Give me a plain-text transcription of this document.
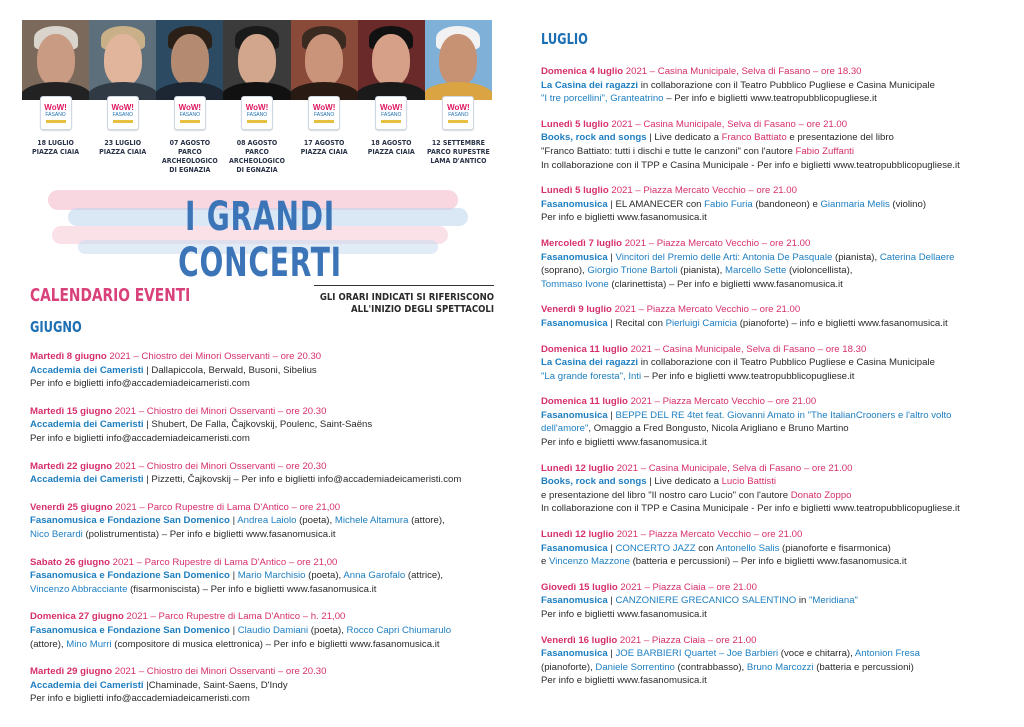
WoW!
FASANO
WoW!
FASANO
WoW!
FASANO
WoW!
FASANO
WoW!
FASANO
WoW!
FASANO
WoW!
FASANO
18 LUGLIO
PIAZZA CIAIA
23 LUGLIO
PIAZZA CIAIA
07 AGOSTO
PARCO ARCHEOLOGICO
DI EGNAZIA
08 AGOSTO
PARCO ARCHEOLOGICO
DI EGNAZIA
17 AGOSTO
PIAZZA CIAIA
18 AGOSTO
PIAZZA CIAIA
12 SETTEMBRE
PARCO RUPESTRE
LAMA D'ANTICO
I GRANDI CONCERTI
CALENDARIO EVENTI	GLI ORARI INDICATI SI RIFERISCONO
ALL'INIZIO DEGLI SPETTACOLI
GIUGNO
Martedì 8 giugno 2021 – Chiostro dei Minori Osservanti – ore 20.30
Accademia dei Cameristi | Dallapiccola, Berwald, Busoni, Sibelius
Per info e biglietti info@accademiadeicameristi.com
Martedì 15 giugno 2021 – Chiostro dei Minori Osservanti – ore 20.30
Accademia dei Cameristi | Shubert, De Falla, Čajkovskij, Poulenc, Saint-Saëns
Per info e biglietti info@accademiadeicameristi.com
Martedì 22 giugno 2021 – Chiostro dei Minori Osservanti – ore 20.30
Accademia dei Cameristi | Pizzetti, Čajkovskij – Per info e biglietti info@accademiadeicameristi.com
Venerdì 25 giugno 2021 – Parco Rupestre di Lama D'Antico – ore 21,00
Fasanomusica e Fondazione San Domenico | Andrea Laiolo (poeta), Michele Altamura (attore),
Nico Berardi (polistrumentista) – Per info e biglietti www.fasanomusica.it
Sabato 26 giugno 2021 – Parco Rupestre di Lama D'Antico – ore 21,00
Fasanomusica e Fondazione San Domenico | Mario Marchisio (poeta), Anna Garofalo (attrice),
Vincenzo Abbracciante (fisarmoniscista) – Per info e biglietti www.fasanomusica.it
Domenica 27 giugno 2021 – Parco Rupestre di Lama D'Antico – h. 21,00
Fasanomusica e Fondazione San Domenico | Claudio Damiani (poeta), Rocco Capri Chiumarulo
(attore), Mino Murri (compositore di musica elettronica) – Per info e biglietti www.fasanomusica.it
Martedì 29 giugno 2021 – Chiostro dei Minori Osservanti – ore 20.30
Accademia dei Cameristi |Chaminade, Saint-Saens, D'Indy
Per info e biglietti info@accademiadeicameristi.com
LUGLIO
Domenica 4 luglio 2021 – Casina Municipale, Selva di Fasano – ore 18.30
La Casina dei ragazzi in collaborazione con il Teatro Pubblico Pugliese e Casina Municipale
"I tre porcellini", Granteatrino – Per info e biglietti www.teatropubblicopugliese.it
Lunedì 5 luglio 2021 – Casina Municipale, Selva di Fasano – ore 21.00
Books, rock and songs | Live dedicato a Franco Battiato e presentazione del libro
"Franco Battiato: tutti i dischi e tutte le canzoni" con l'autore Fabio Zuffanti
In collaborazione con il TPP e Casina Municipale - Per info e biglietti www.teatropubblicopugliese.it
Lunedì 5 luglio 2021 – Piazza Mercato Vecchio – ore 21.00
Fasanomusica | EL AMANECER con Fabio Furia (bandoneon) e Gianmaria Melis (violino)
Per info e biglietti www.fasanomusica.it
Mercoledì 7 luglio 2021 – Piazza Mercato Vecchio – ore 21.00
Fasanomusica | Vincitori del Premio delle Arti: Antonia De Pasquale (pianista), Caterina Dellaere
(soprano), Giorgio Trione Bartoli (pianista), Marcello Sette (violoncellista),
Tommaso Ivone (clarinettista) – Per info e biglietti www.fasanomusica.it
Venerdì 9 luglio 2021 – Piazza Mercato Vecchio – ore 21.00
Fasanomusica | Recital con Pierluigi Camicia (pianoforte) – info e biglietti www.fasanomusica.it
Domenica 11 luglio 2021 – Casina Municipale, Selva di Fasano – ore 18.30
La Casina dei ragazzi in collaborazione con il Teatro Pubblico Pugliese e Casina Municipale
"La grande foresta", Inti – Per info e biglietti www.teatropubblicopugliese.it
Domenica 11 luglio 2021 – Piazza Mercato Vecchio – ore 21.00
Fasanomusica | BEPPE DEL RE 4tet feat. Giovanni Amato in "The ItalianCrooners e l'altro volto
dell'amore", Omaggio a Fred Bongusto, Nicola Arigliano e Bruno Martino
Per info e biglietti www.fasanomusica.it
Lunedì 12 luglio 2021 – Casina Municipale, Selva di Fasano – ore 21.00
Books, rock and songs | Live dedicato a Lucio Battisti
e presentazione del libro "Il nostro caro Lucio" con l'autore Donato Zoppo
In collaborazione con il TPP e Casina Municipale - Per info e biglietti www.teatropubblicopugliese.it
Lunedì 12 luglio 2021 – Piazza Mercato Vecchio – ore 21.00
Fasanomusica | CONCERTO JAZZ con Antonello Salis (pianoforte e fisarmonica)
e Vincenzo Mazzone (batteria e percussioni) – Per info e biglietti www.fasanomusica.it
Giovedì 15 luglio 2021 – Piazza Ciaia – ore 21.00
Fasanomusica | CANZONIERE GRECANICO SALENTINO in "Meridiana"
Per info e biglietti www.fasanomusica.it
Venerdì 16 luglio 2021 – Piazza Ciaia – ore 21.00
Fasanomusica | JOE BARBIERI Quartet – Joe Barbieri (voce e chitarra), Antonion Fresa
(pianoforte), Daniele Sorrentino (contrabbasso), Bruno Marcozzi (batteria e percussioni)
Per info e biglietti www.fasanomusica.it
